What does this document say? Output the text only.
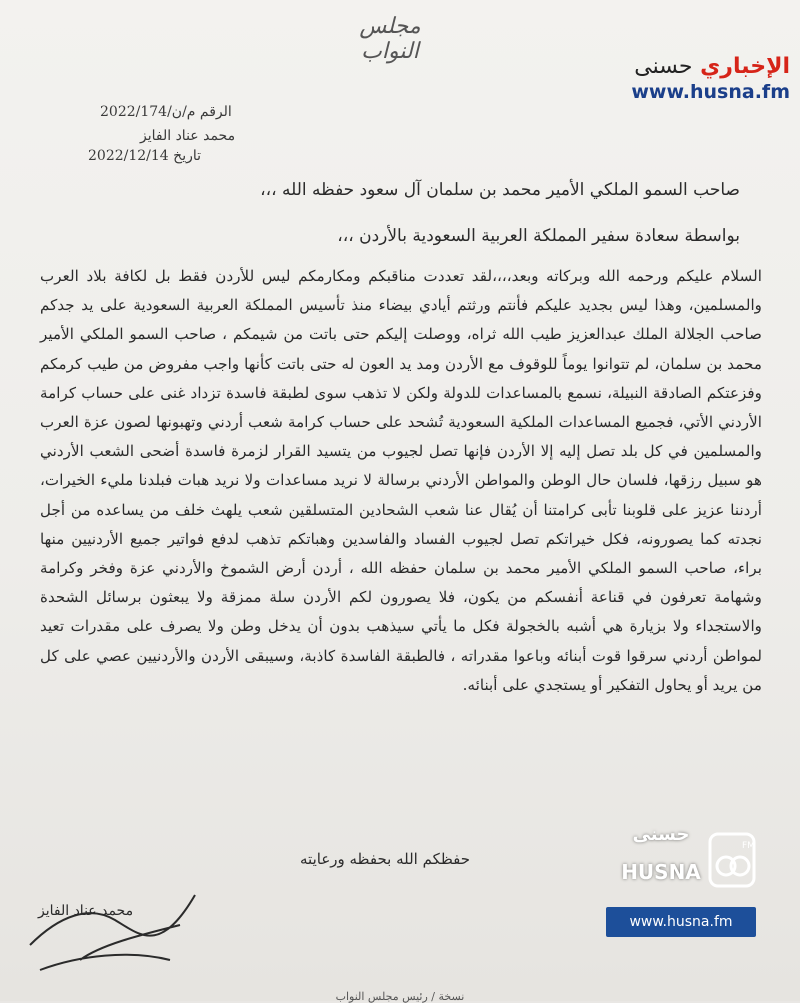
مجلس النواب
الإخباري حسنى
www.husna.fm
الرقم م/ن/2022/174
محمد عناد الفايز
تاريخ 2022/12/14
صاحب السمو الملكي الأمير محمد بن سلمان آل سعود حفظه الله ،،،
بواسطة سعادة سفير المملكة العربية السعودية بالأردن ،،،
السلام عليكم ورحمه الله وبركاته وبعد،،،،لقد تعددت مناقبكم ومكارمكم ليس للأردن فقط بل لكافة بلاد العرب والمسلمين، وهذا ليس بجديد عليكم فأنتم ورثتم أيادي بيضاء منذ تأسيس المملكة العربية السعودية على يد جدكم صاحب الجلالة الملك عبدالعزيز طيب الله ثراه، ووصلت إليكم حتى باتت من شيمكم ، صاحب السمو الملكي الأمير محمد بن سلمان، لم تتوانوا يوماً للوقوف مع الأردن ومد يد العون له حتى باتت كأنها واجب مفروض من طيب كرمكم وفزعتكم الصادقة النبيلة، نسمع بالمساعدات للدولة ولكن لا تذهب سوى لطبقة فاسدة تزداد غنى على حساب كرامة الأردني الأتي، فجميع المساعدات الملكية السعودية تُشحد على حساب كرامة شعب أردني وتهبونها لصون عزة العرب والمسلمين في كل بلد تصل إليه إلا الأردن فإنها تصل لجيوب من يتسيد القرار لزمرة فاسدة أضحى الشعب الأردني هو سبيل رزقها، فلسان حال الوطن والمواطن الأردني برسالة لا نريد مساعدات ولا نريد هبات فبلدنا مليء الخيرات، أردننا عزيز على قلوبنا تأبى كرامتنا أن يُقال عنا شعب الشحادين المتسلقين شعب يلهث خلف من يساعده من أجل نجدته كما يصورونه، فكل خيراتكم تصل لجيوب الفساد والفاسدين وهباتكم تذهب لدفع فواتير جميع الأردنيين منها براء، صاحب السمو الملكي الأمير محمد بن سلمان حفظه الله ، أردن أرض الشموخ والأردني عزة وفخر وكرامة وشهامة تعرفون في قناعة أنفسكم من يكون، فلا يصورون لكم الأردن سلة ممزقة ولا يبعثون برسائل الشحدة والاستجداء ولا بزيارة هي أشبه بالخجولة فكل ما يأتي سيذهب بدون أن يدخل وطن ولا يصرف على مقدرات تعيد لمواطن أردني سرقوا قوت أبنائه وباعوا مقدراته ، فالطبقة الفاسدة كاذبة، وسيبقى الأردن والأردنيين عصي على كل من يريد أو يحاول التفكير أو يستجدي على أبنائه.
حفظكم الله بحفظه ورعايته
محمد عناد الفايز
حسنى
HUSNA
FM
www.husna.fm
نسخة / رئيس مجلس النواب
